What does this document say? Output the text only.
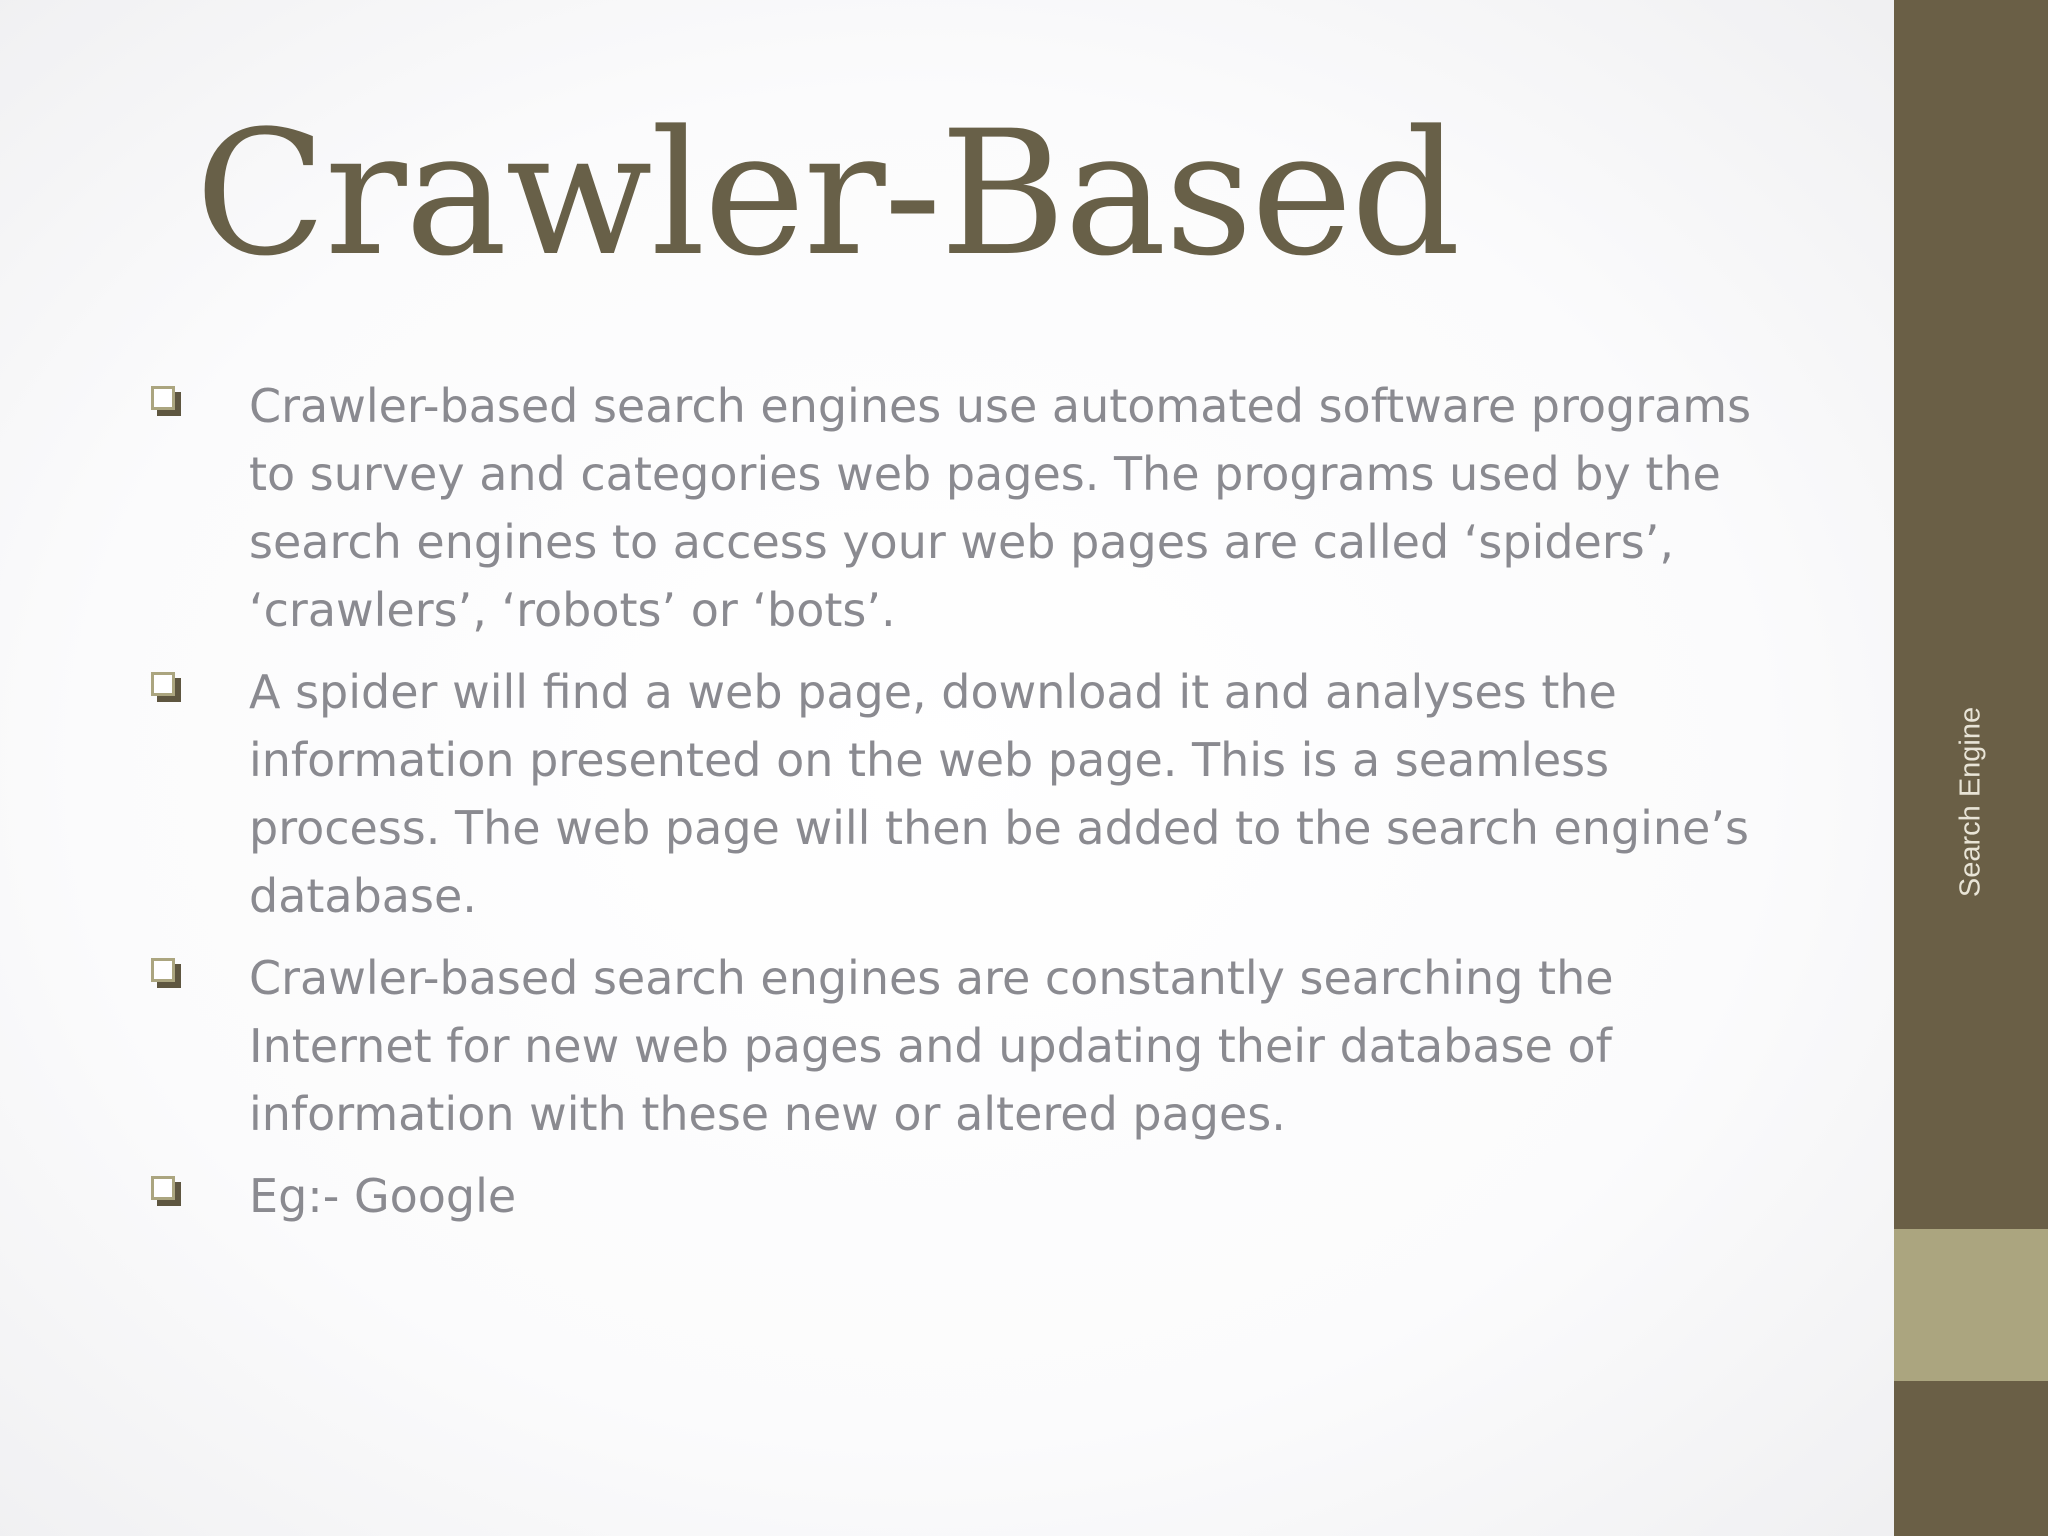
Crawler-Based
Crawler-based search engines use automated software programs to survey and categories web pages. The programs used by the search engines to access your web pages are called ‘spiders’, ‘crawlers’, ‘robots’ or ‘bots’.
A spider will find a web page, download it and analyses the information presented on the web page. This is a seamless process. The web page will then be added to the search engine’s database.
Crawler-based search engines are constantly searching the Internet for new web pages and updating their database of information with these new or altered pages.
Eg:- Google
Search Engine
